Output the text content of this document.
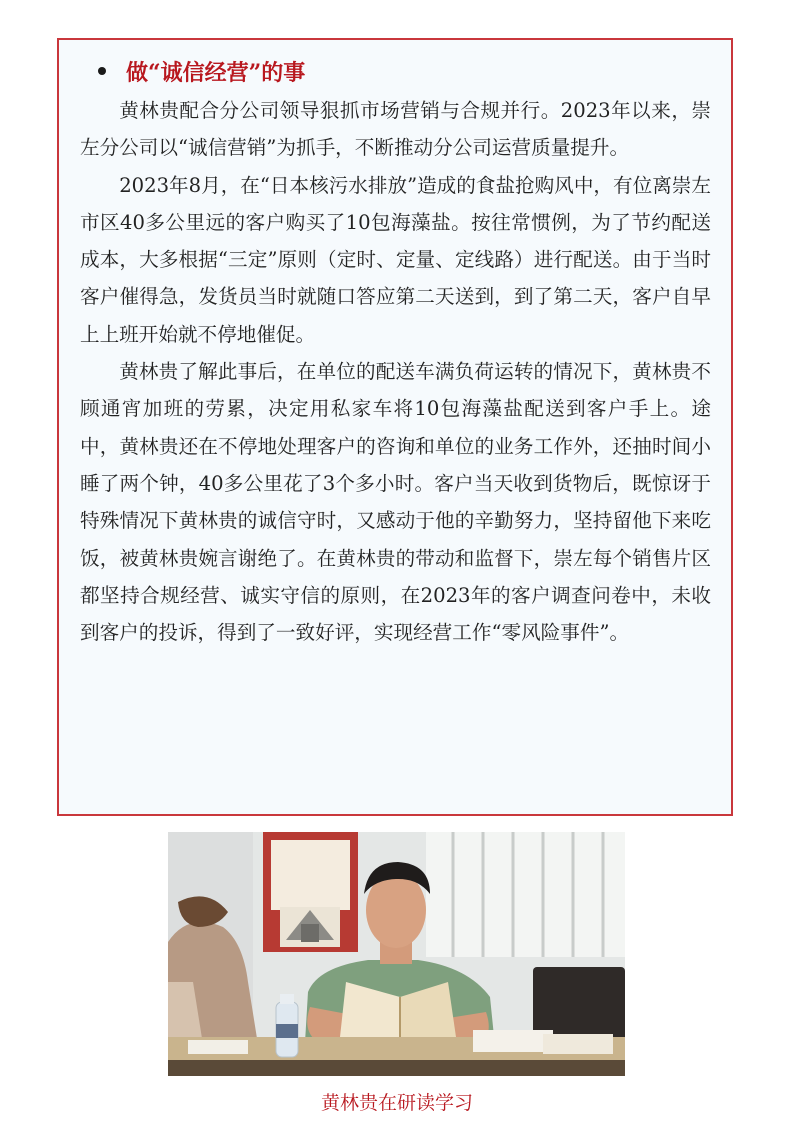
做“诚信经营”的事

黄林贵配合分公司领导狠抓市场营销与合规并行。2023年以来，崇左分公司以“诚信营销”为抓手，不断推动分公司运营质量提升。

2023年8月，在“日本核污水排放”造成的食盐抢购风中，有位离崇左市区40多公里远的客户购买了10包海藻盐。按往常惯例，为了节约配送成本，大多根据“三定”原则（定时、定量、定线路）进行配送。由于当时客户催得急，发货员当时就随口答应第二天送到，到了第二天，客户自早上上班开始就不停地催促。

黄林贵了解此事后，在单位的配送车满负荷运转的情况下，黄林贵不顾通宵加班的劳累，决定用私家车将10包海藻盐配送到客户手上。途中，黄林贵还在不停地处理客户的咨询和单位的业务工作外，还抽时间小睡了两个钟，40多公里花了3个多小时。客户当天收到货物后，既惊讶于特殊情况下黄林贵的诚信守时，又感动于他的辛勤努力，坚持留他下来吃饭，被黄林贵婉言谢绝了。在黄林贵的带动和监督下，崇左每个销售片区都坚持合规经营、诚实守信的原则，在2023年的客户调查问卷中，未收到客户的投诉，得到了一致好评，实现经营工作“零风险事件”。

黄林贵在研读学习
